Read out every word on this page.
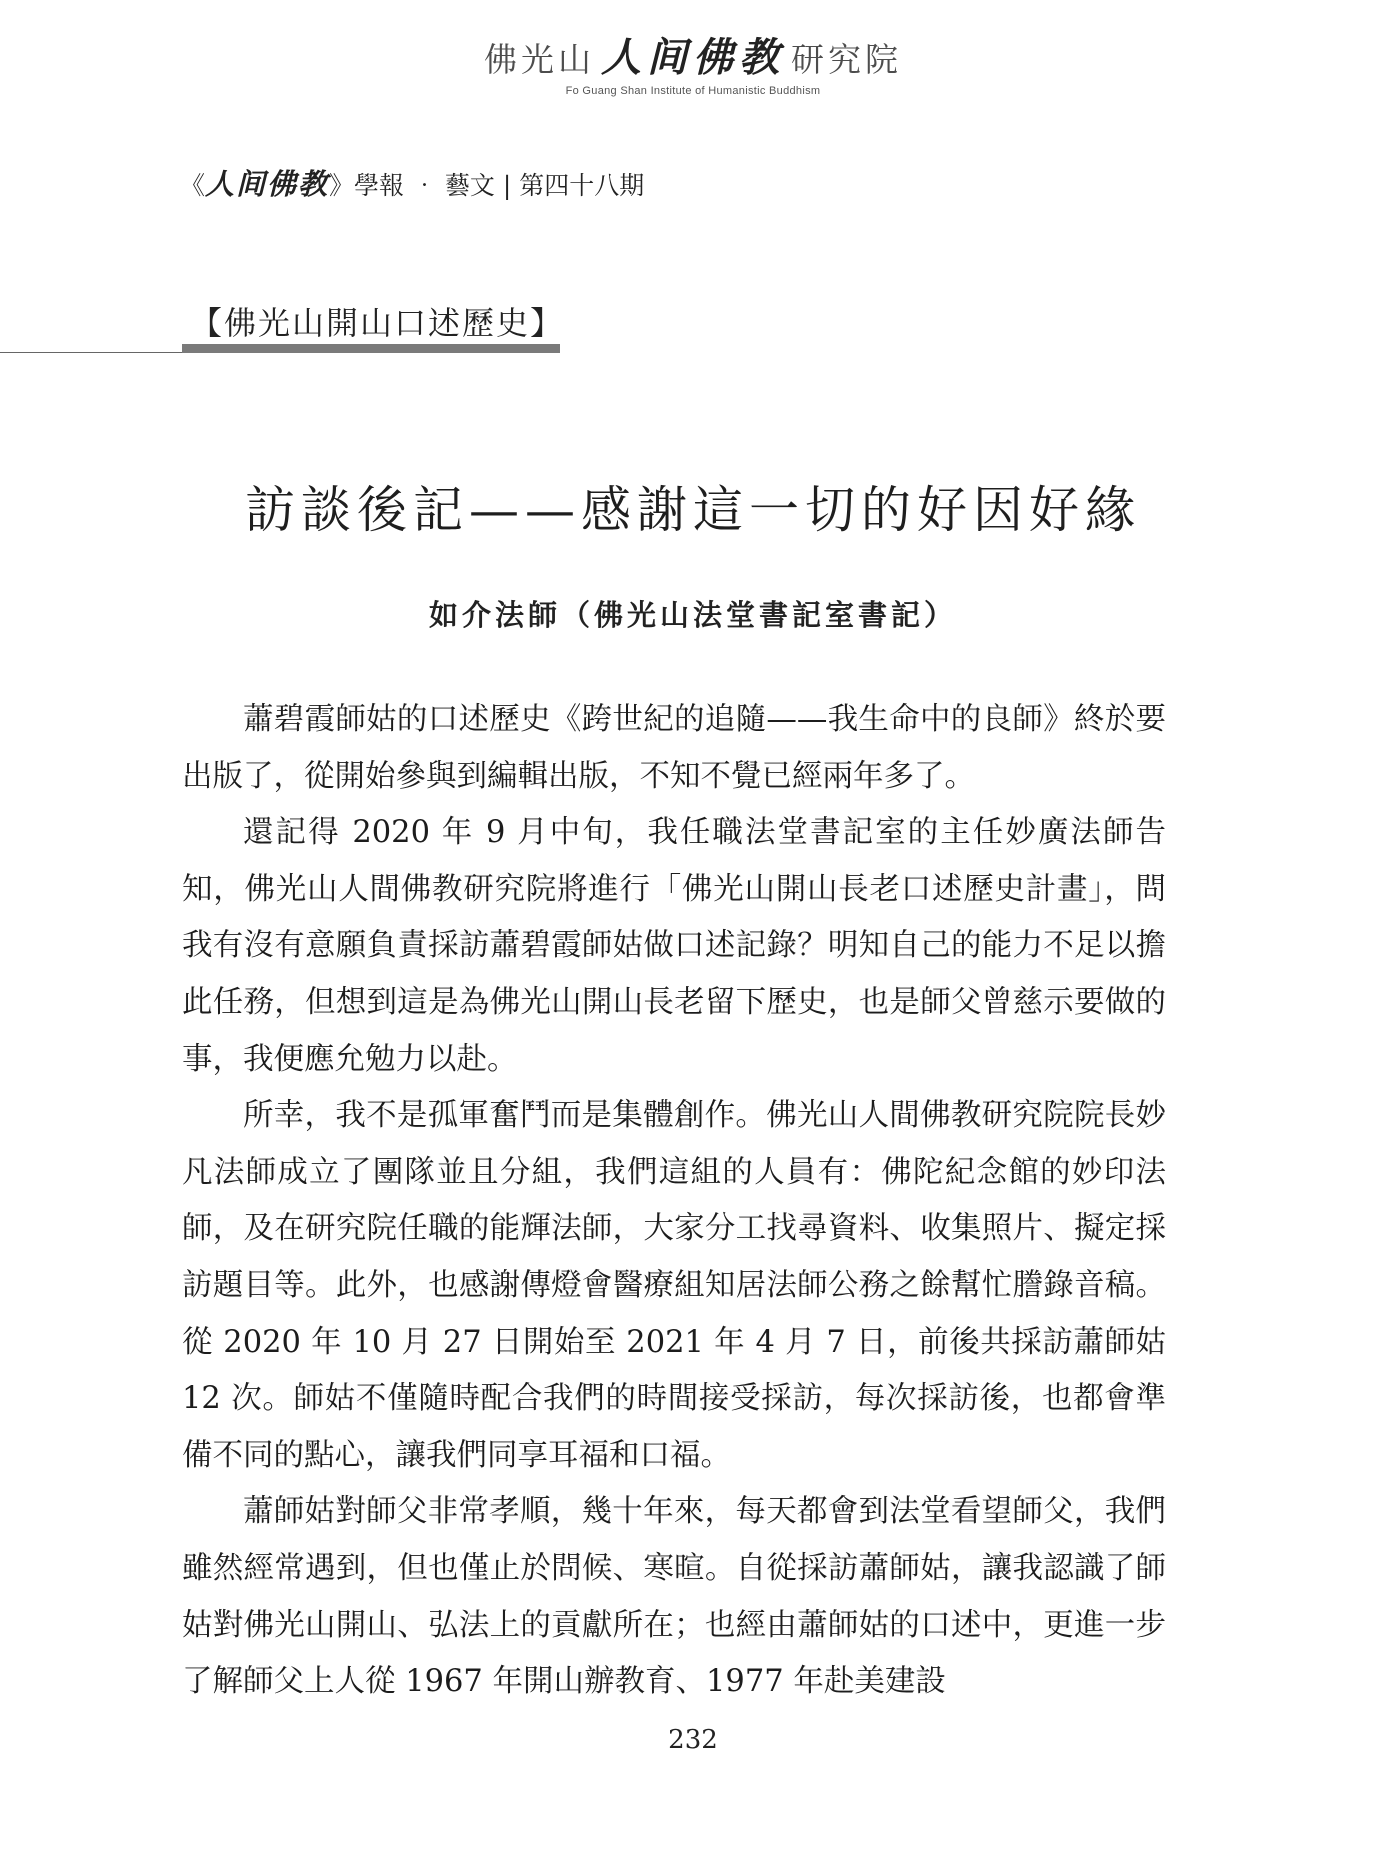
佛光山 人间佛教 研究院
Fo Guang Shan Institute of Humanistic Buddhism
《人间佛教》學報 ‧ 藝文 | 第四十八期
【佛光山開山口述歷史】
訪談後記——感謝這一切的好因好緣
如介法師（佛光山法堂書記室書記）

蕭碧霞師姑的口述歷史《跨世紀的追隨——我生命中的良師》終於要出版了，從開始參與到編輯出版，不知不覺已經兩年多了。

還記得 2020 年 9 月中旬，我任職法堂書記室的主任妙廣法師告知，佛光山人間佛教研究院將進行「佛光山開山長老口述歷史計畫」，問我有沒有意願負責採訪蕭碧霞師姑做口述記錄？明知自己的能力不足以擔此任務，但想到這是為佛光山開山長老留下歷史，也是師父曾慈示要做的事，我便應允勉力以赴。

所幸，我不是孤軍奮鬥而是集體創作。佛光山人間佛教研究院院長妙凡法師成立了團隊並且分組，我們這組的人員有：佛陀紀念館的妙印法師，及在研究院任職的能輝法師，大家分工找尋資料、收集照片、擬定採訪題目等。此外，也感謝傳燈會醫療組知居法師公務之餘幫忙謄錄音稿。從 2020 年 10 月 27 日開始至 2021 年 4 月 7 日，前後共採訪蕭師姑 12 次。師姑不僅隨時配合我們的時間接受採訪，每次採訪後，也都會準備不同的點心，讓我們同享耳福和口福。

蕭師姑對師父非常孝順，幾十年來，每天都會到法堂看望師父，我們雖然經常遇到，但也僅止於問候、寒暄。自從採訪蕭師姑，讓我認識了師姑對佛光山開山、弘法上的貢獻所在；也經由蕭師姑的口述中，更進一步了解師父上人從 1967 年開山辦教育、1977 年赴美建設

232
